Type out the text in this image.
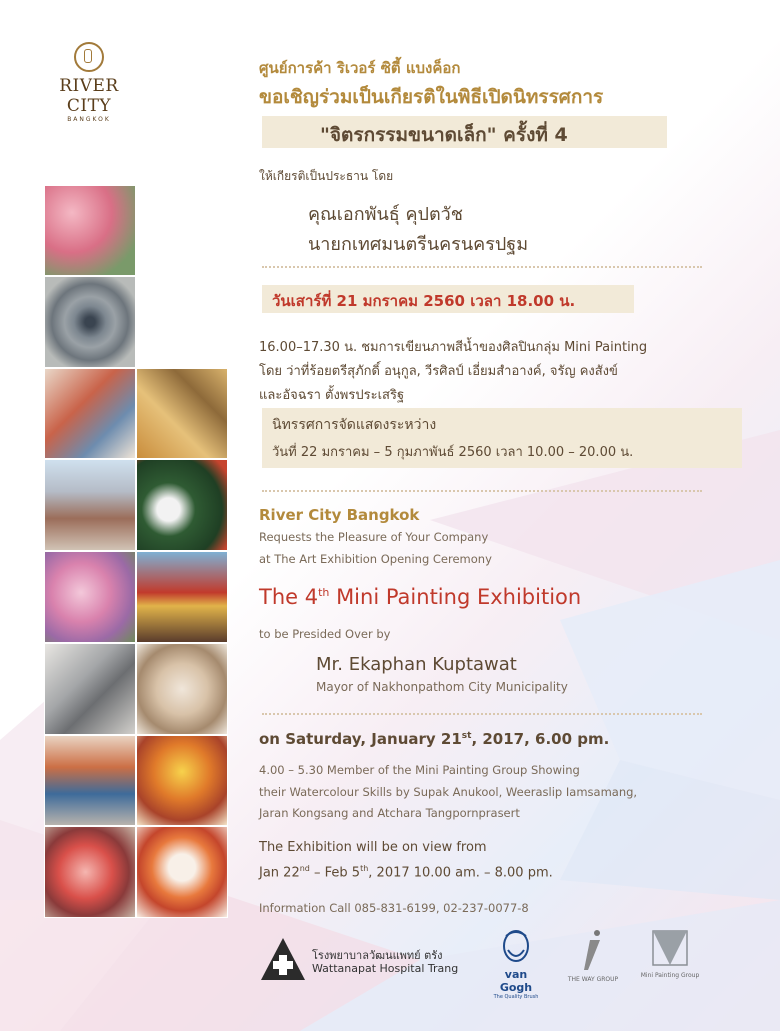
RIVER CITY
BANGKOK
ศูนย์การค้า ริเวอร์ ซิตี้ แบงค็อก
ขอเชิญร่วมเป็นเกียรติในพิธีเปิดนิทรรศการ
"จิตรกรรมขนาดเล็ก" ครั้งที่ 4
ให้เกียรติเป็นประธาน โดย
คุณเอกพันธุ์ คุปตวัช
นายกเทศมนตรีนครนครปฐม
วันเสาร์ที่ 21 มกราคม 2560 เวลา 18.00 น.
16.00–17.30 น. ชมการเขียนภาพสีน้ำของศิลปินกลุ่ม Mini Painting
โดย ว่าที่ร้อยตรีสุภักดิ์ อนุกูล, วีรศิลป์ เอี่ยมสำอางค์, จรัญ คงสังข์
และอัจฉรา ตั้งพรประเสริฐ
นิทรรศการจัดแสดงระหว่าง
วันที่ 22 มกราคม – 5 กุมภาพันธ์ 2560 เวลา 10.00 – 20.00 น.
River City Bangkok
Requests the Pleasure of Your Company
at The Art Exhibition Opening Ceremony
The 4th Mini Painting Exhibition
to be Presided Over by
Mr. Ekaphan Kuptawat
Mayor of Nakhonpathom City Municipality
on Saturday, January 21st, 2017, 6.00 pm.
4.00 – 5.30 Member of the Mini Painting Group Showing
their Watercolour Skills by Supak Anukool, Weeraslip Iamsamang,
Jaran Kongsang and Atchara Tangpornprasert
The Exhibition will be on view from
Jan 22nd – Feb 5th, 2017 10.00 am. – 8.00 pm.
Information Call 085-831-6199, 02-237-0077-8
โรงพยาบาลวัฒนแพทย์ ตรัง
Wattanapat Hospital Trang	van Gogh
The Quality Brush
THE WAY GROUP
Mini Painting Group
